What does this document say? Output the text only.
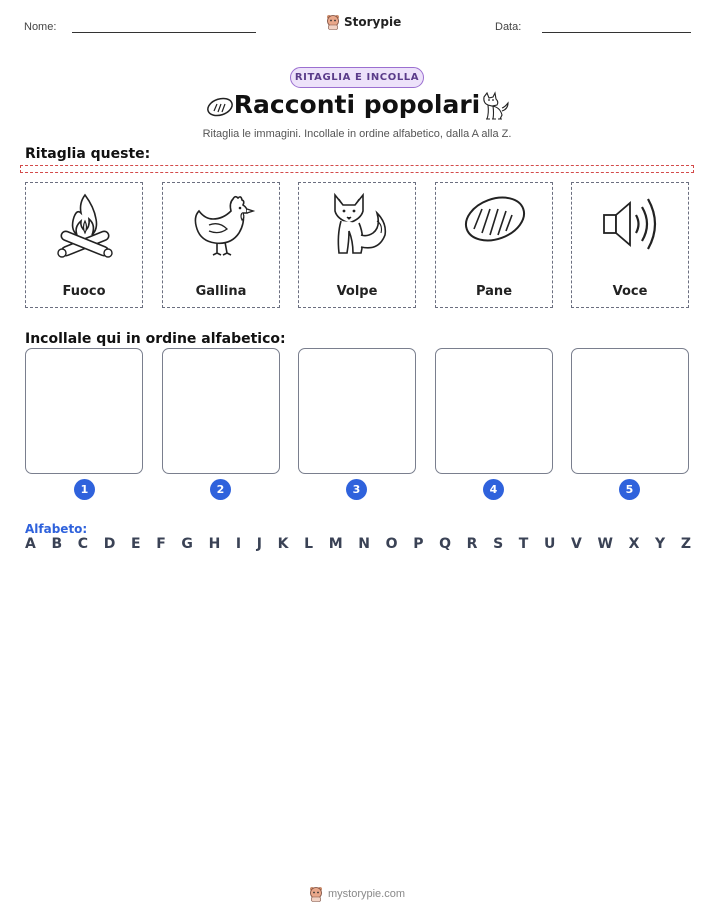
Nome:	Storypie	Data:
RITAGLIA E INCOLLA
Racconti popolari
Ritaglia le immagini. Incollale in ordine alfabetico, dalla A alla Z.
Ritaglia queste:
Fuoco	Gallina	Volpe	Pane	Voce
Incollale qui in ordine alfabetico:
1	2	3	4	5
Alfabeto:
A B C D E F G H I J K L M N O P Q R S T U V W X Y Z
mystorypie.com
